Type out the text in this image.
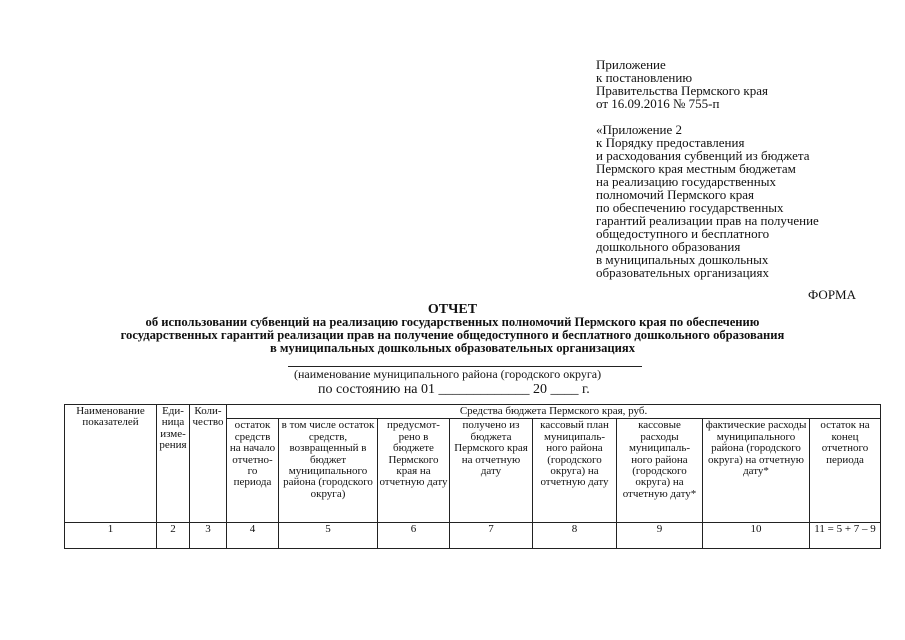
Приложение
к постановлению
Правительства Пермского края
от 16.09.2016 № 755-п
«Приложение 2
к Порядку предоставления
и расходования субвенций из бюджета
Пермского края местным бюджетам
на реализацию государственных
полномочий Пермского края
по обеспечению государственных
гарантий реализации прав на получение
общедоступного и бесплатного
дошкольного образования
в муниципальных дошкольных
образовательных организациях
ФОРМА
ОТЧЕТ
об использовании субвенций на реализацию государственных полномочий Пермского края по обеспечению
государственных гарантий реализации прав на получение общедоступного и бесплатного дошкольного образования
в муниципальных дошкольных образовательных организациях
(наименование муниципального района (городского округа)
по состоянию на 01 _____________ 20 ____ г.
Наименование показателей	Еди- ница изме- рения	Коли- чество	Средства бюджета Пермского края, руб.							
			остаток средств на начало отчетно- го периода	в том числе остаток средств, возвращенный в бюджет муниципального района (городского округа)	предусмот- рено в бюджете Пермского края на отчетную дату	получено из бюджета Пермского края на отчетную дату	кассовый план муниципаль- ного района (городского округа) на отчетную дату	кассовые расходы муниципаль- ного района (городского округа) на отчетную дату*	фактические расходы муниципального района (городского округа) на отчетную дату*	остаток на конец отчетного периода
1	2	3	4	5	6	7	8	9	10	11 = 5 + 7 – 9
